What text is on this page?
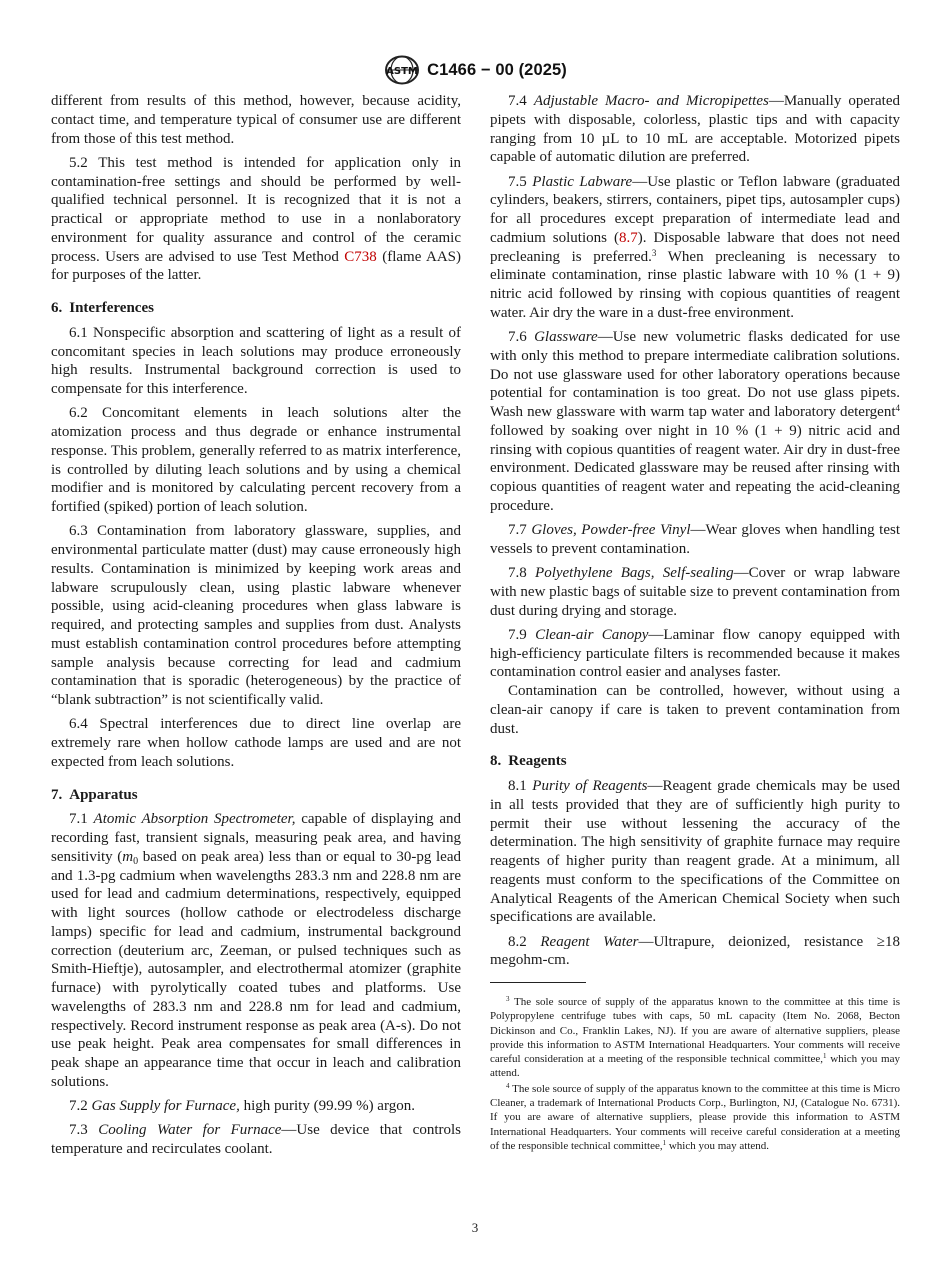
ASTM C1466 − 00 (2025)

different from results of this method, however, because acidity, contact time, and temperature typical of consumer use are different from those of this test method.

5.2 This test method is intended for application only in contamination-free settings and should be performed by well-qualified technical personnel. It is recognized that it is not a practical or appropriate method to use in a nonlaboratory environment for quality assurance and control of the ceramic process. Users are advised to use Test Method C738 (flame AAS) for purposes of the latter.

6. Interferences

6.1 Nonspecific absorption and scattering of light as a result of concomitant species in leach solutions may produce erroneously high results. Instrumental background correction is used to compensate for this interference.

6.2 Concomitant elements in leach solutions alter the atomization process and thus degrade or enhance instrumental response. This problem, generally referred to as matrix interference, is controlled by diluting leach solutions and by using a chemical modifier and is monitored by calculating percent recovery from a fortified (spiked) portion of leach solution.

6.3 Contamination from laboratory glassware, supplies, and environmental particulate matter (dust) may cause erroneously high results. Contamination is minimized by keeping work areas and labware scrupulously clean, using plastic labware whenever possible, using acid-cleaning procedures when glass labware is required, and protecting samples and supplies from dust. Analysts must establish contamination control procedures before attempting sample analysis because correcting for lead and cadmium contamination that is sporadic (heterogeneous) by the practice of “blank subtraction” is not scientifically valid.

6.4 Spectral interferences due to direct line overlap are extremely rare when hollow cathode lamps are used and are not expected from leach solutions.

7. Apparatus

7.1 Atomic Absorption Spectrometer, capable of displaying and recording fast, transient signals, measuring peak area, and having sensitivity ($m_0$ based on peak area) less than or equal to 30-pg lead and 1.3-pg cadmium when wavelengths 283.3 nm and 228.8 nm are used for lead and cadmium determinations, respectively, equipped with light sources (hollow cathode or electrodeless discharge lamps) specific for lead and cadmium, instrumental background correction (deuterium arc, Zeeman, or pulsed techniques such as Smith-Hieftje), autosampler, and electrothermal atomizer (graphite furnace) with pyrolytically coated tubes and platforms. Use wavelengths of 283.3 nm and 228.8 nm for lead and cadmium, respectively. Record instrument response as peak area (A-s). Do not use peak height. Peak area compensates for small differences in peak shape an appearance time that occur in leach and calibration solutions.

7.2 Gas Supply for Furnace, high purity (99.99 %) argon.

7.3 Cooling Water for Furnace—Use device that controls temperature and recirculates coolant.

7.4 Adjustable Macro- and Micropipettes—Manually operated pipets with disposable, colorless, plastic tips and with capacity ranging from 10 µL to 10 mL are acceptable. Motorized pipets capable of automatic dilution are preferred.

7.5 Plastic Labware—Use plastic or Teflon labware (graduated cylinders, beakers, stirrers, containers, pipet tips, autosampler cups) for all procedures except preparation of intermediate lead and cadmium solutions (8.7). Disposable labware that does not need precleaning is preferred.$^3$ When precleaning is necessary to eliminate contamination, rinse plastic labware with 10 % (1 + 9) nitric acid followed by rinsing with copious quantities of reagent water. Air dry the ware in a dust-free environment.

7.6 Glassware—Use new volumetric flasks dedicated for use with only this method to prepare intermediate calibration solutions. Do not use glassware used for other laboratory operations because potential for contamination is too great. Do not use glass pipets. Wash new glassware with warm tap water and laboratory detergent$^4$ followed by soaking over night in 10 % (1 + 9) nitric acid and rinsing with copious quantities of reagent water. Air dry in dust-free environment. Dedicated glassware may be reused after rinsing with copious quantities of reagent water and repeating the acid-cleaning procedure.

7.7 Gloves, Powder-free Vinyl—Wear gloves when handling test vessels to prevent contamination.

7.8 Polyethylene Bags, Self-sealing—Cover or wrap labware with new plastic bags of suitable size to prevent contamination from dust during drying and storage.

7.9 Clean-air Canopy—Laminar flow canopy equipped with high-efficiency particulate filters is recommended because it makes contamination control easier and analyses faster.

Contamination can be controlled, however, without using a clean-air canopy if care is taken to prevent contamination from dust.

8. Reagents

8.1 Purity of Reagents—Reagent grade chemicals may be used in all tests provided that they are of sufficiently high purity to permit their use without lessening the accuracy of the determination. The high sensitivity of graphite furnace may require reagents of higher purity than reagent grade. At a minimum, all reagents must conform to the specifications of the Committee on Analytical Reagents of the American Chemical Society when such specifications are available.

8.2 Reagent Water—Ultrapure, deionized, resistance ≥18 megohm-cm.

$^3$ The sole source of supply of the apparatus known to the committee at this time is Polypropylene centrifuge tubes with caps, 50 mL capacity (Item No. 2068, Becton Dickinson and Co., Franklin Lakes, NJ). If you are aware of alternative suppliers, please provide this information to ASTM International Headquarters. Your comments will receive careful consideration at a meeting of the responsible technical committee,$^1$ which you may attend.

$^4$ The sole source of supply of the apparatus known to the committee at this time is Micro Cleaner, a trademark of International Products Corp., Burlington, NJ, (Catalogue No. 6731). If you are aware of alternative suppliers, please provide this information to ASTM International Headquarters. Your comments will receive careful consideration at a meeting of the responsible technical committee,$^1$ which you may attend.

3
